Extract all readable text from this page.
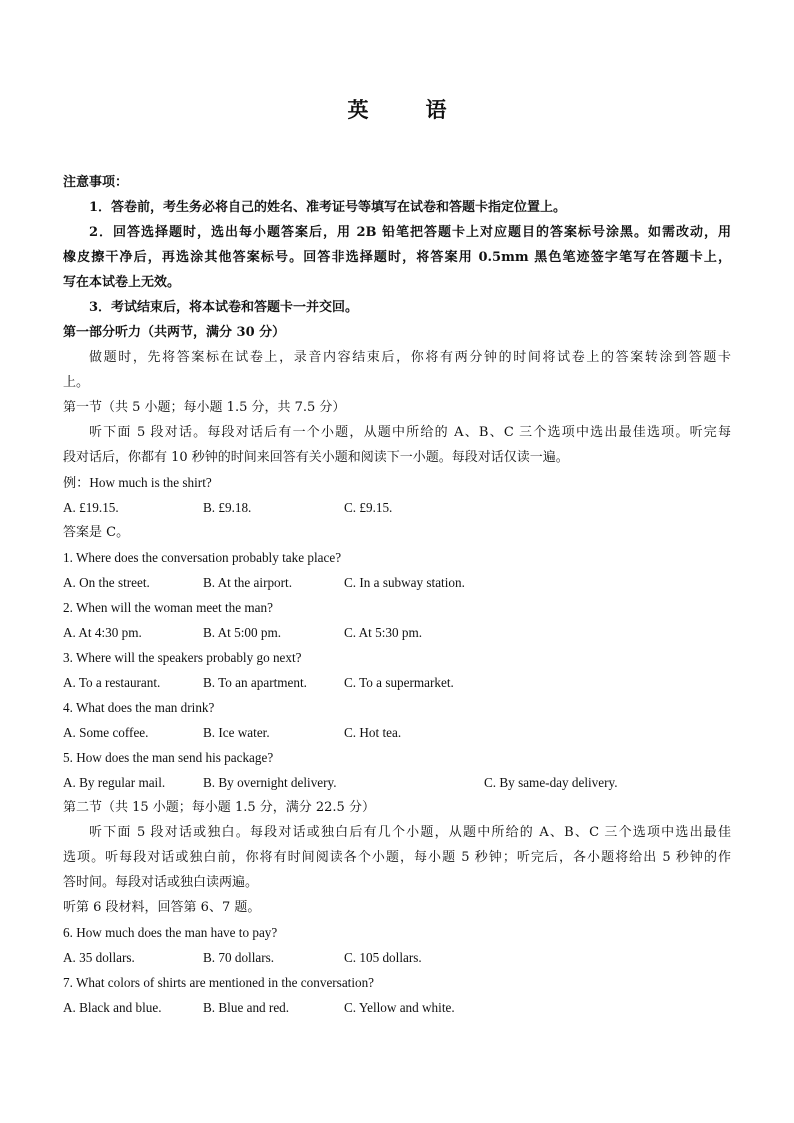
英　语
注意事项：
1．答卷前，考生务必将自己的姓名、准考证号等填写在试卷和答题卡指定位置上。
2．回答选择题时，选出每小题答案后，用 2B 铅笔把答题卡上对应题目的答案标号涂黑。如需改动，用
橡皮擦干净后，再选涂其他答案标号。回答非选择题时，将答案用 0.5mm 黑色笔迹签字笔写在答题卡上，
写在本试卷上无效。
3．考试结束后，将本试卷和答题卡一并交回。
第一部分听力（共两节，满分 30 分）
做题时，先将答案标在试卷上，录音内容结束后，你将有两分钟的时间将试卷上的答案转涂到答题卡
上。
第一节（共 5 小题；每小题 1.5 分，共 7.5 分）
听下面 5 段对话。每段对话后有一个小题，从题中所给的 A、B、C 三个选项中选出最佳选项。听完每
段对话后，你都有 10 秒钟的时间来回答有关小题和阅读下一小题。每段对话仅读一遍。
例：How much is the shirt?
A. £19.15.	B. £9.18.	C. £9.15.
答案是 C。
1. Where does the conversation probably take place?
A. On the street.	B. At the airport.	C. In a subway station.
2. When will the woman meet the man?
A. At 4:30 pm.	B. At 5:00 pm.	C. At 5:30 pm.
3. Where will the speakers probably go next?
A. To a restaurant.	B. To an apartment.	C. To a supermarket.
4. What does the man drink?
A. Some coffee.	B. Ice water.	C. Hot tea.
5. How does the man send his package?
A. By regular mail.	B. By overnight delivery.	C. By same-day delivery.
第二节（共 15 小题；每小题 1.5 分，满分 22.5 分）
听下面 5 段对话或独白。每段对话或独白后有几个小题，从题中所给的 A、B、C 三个选项中选出最佳
选项。听每段对话或独白前，你将有时间阅读各个小题，每小题 5 秒钟；听完后，各小题将给出 5 秒钟的作
答时间。每段对话或独白读两遍。
听第 6 段材料，回答第 6、7 题。
6. How much does the man have to pay?
A. 35 dollars.	B. 70 dollars.	C. 105 dollars.
7. What colors of shirts are mentioned in the conversation?
A. Black and blue.	B. Blue and red.	C. Yellow and white.
